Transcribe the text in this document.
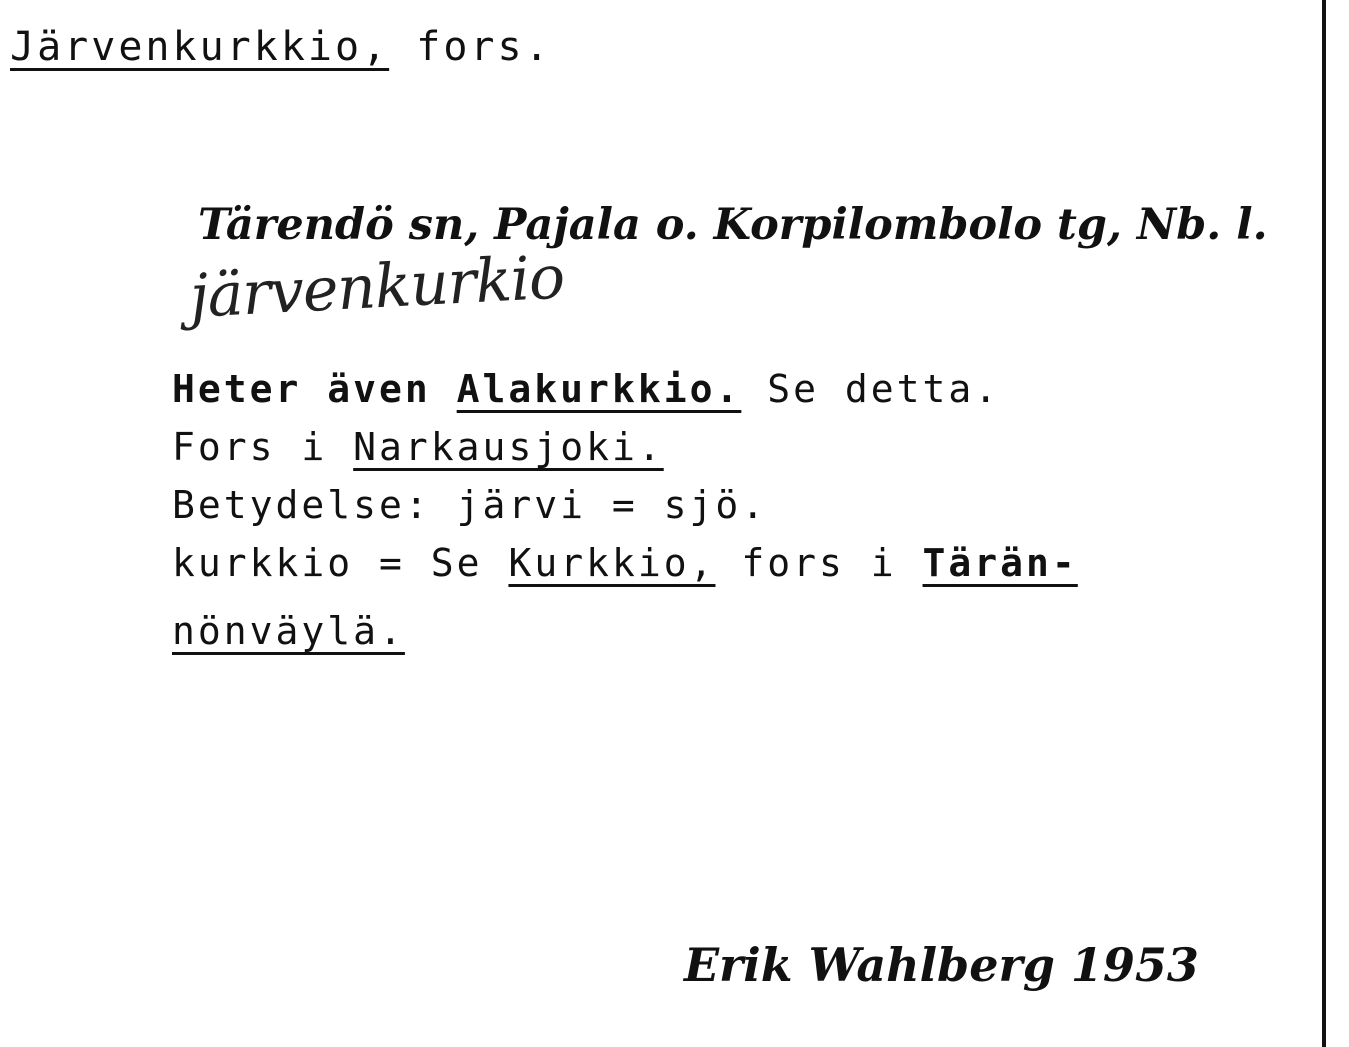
Järvenkurkkio, fors.
Tärendö sn, Pajala o. Korpilombolo tg, Nb. l.
järvenkurkio
Heter även Alakurkkio. Se detta.
Fors i Narkausjoki.
Betydelse: järvi = sjö.
kurkkio = Se Kurkkio, fors i Tärän-
nönväylä.
Erik Wahlberg 1953
